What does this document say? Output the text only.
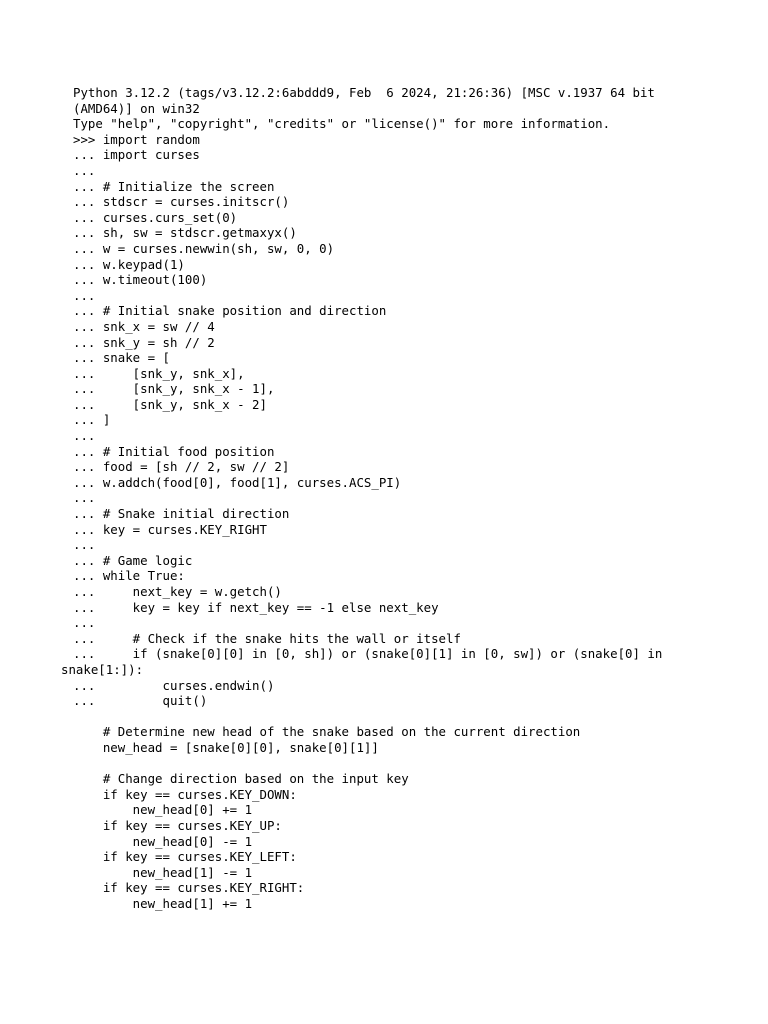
Python 3.12.2 (tags/v3.12.2:6abddd9, Feb  6 2024, 21:26:36) [MSC v.1937 64 bit
(AMD64)] on win32
Type "help", "copyright", "credits" or "license()" for more information.
>>> import random
... import curses
...
... # Initialize the screen
... stdscr = curses.initscr()
... curses.curs_set(0)
... sh, sw = stdscr.getmaxyx()
... w = curses.newwin(sh, sw, 0, 0)
... w.keypad(1)
... w.timeout(100)
...
... # Initial snake position and direction
... snk_x = sw // 4
... snk_y = sh // 2
... snake = [
...     [snk_y, snk_x],
...     [snk_y, snk_x - 1],
...     [snk_y, snk_x - 2]
... ]
...
... # Initial food position
... food = [sh // 2, sw // 2]
... w.addch(food[0], food[1], curses.ACS_PI)
...
... # Snake initial direction
... key = curses.KEY_RIGHT
...
... # Game logic
... while True:
...     next_key = w.getch()
...     key = key if next_key == -1 else next_key
...
...     # Check if the snake hits the wall or itself
...     if (snake[0][0] in [0, sh]) or (snake[0][1] in [0, sw]) or (snake[0] in
snake[1:]):
...         curses.endwin()
...         quit()
# Determine new head of the snake based on the current direction
new_head = [snake[0][0], snake[0][1]]
# Change direction based on the input key
if key == curses.KEY_DOWN:
new_head[0] += 1
if key == curses.KEY_UP:
new_head[0] -= 1
if key == curses.KEY_LEFT:
new_head[1] -= 1
if key == curses.KEY_RIGHT:
new_head[1] += 1
